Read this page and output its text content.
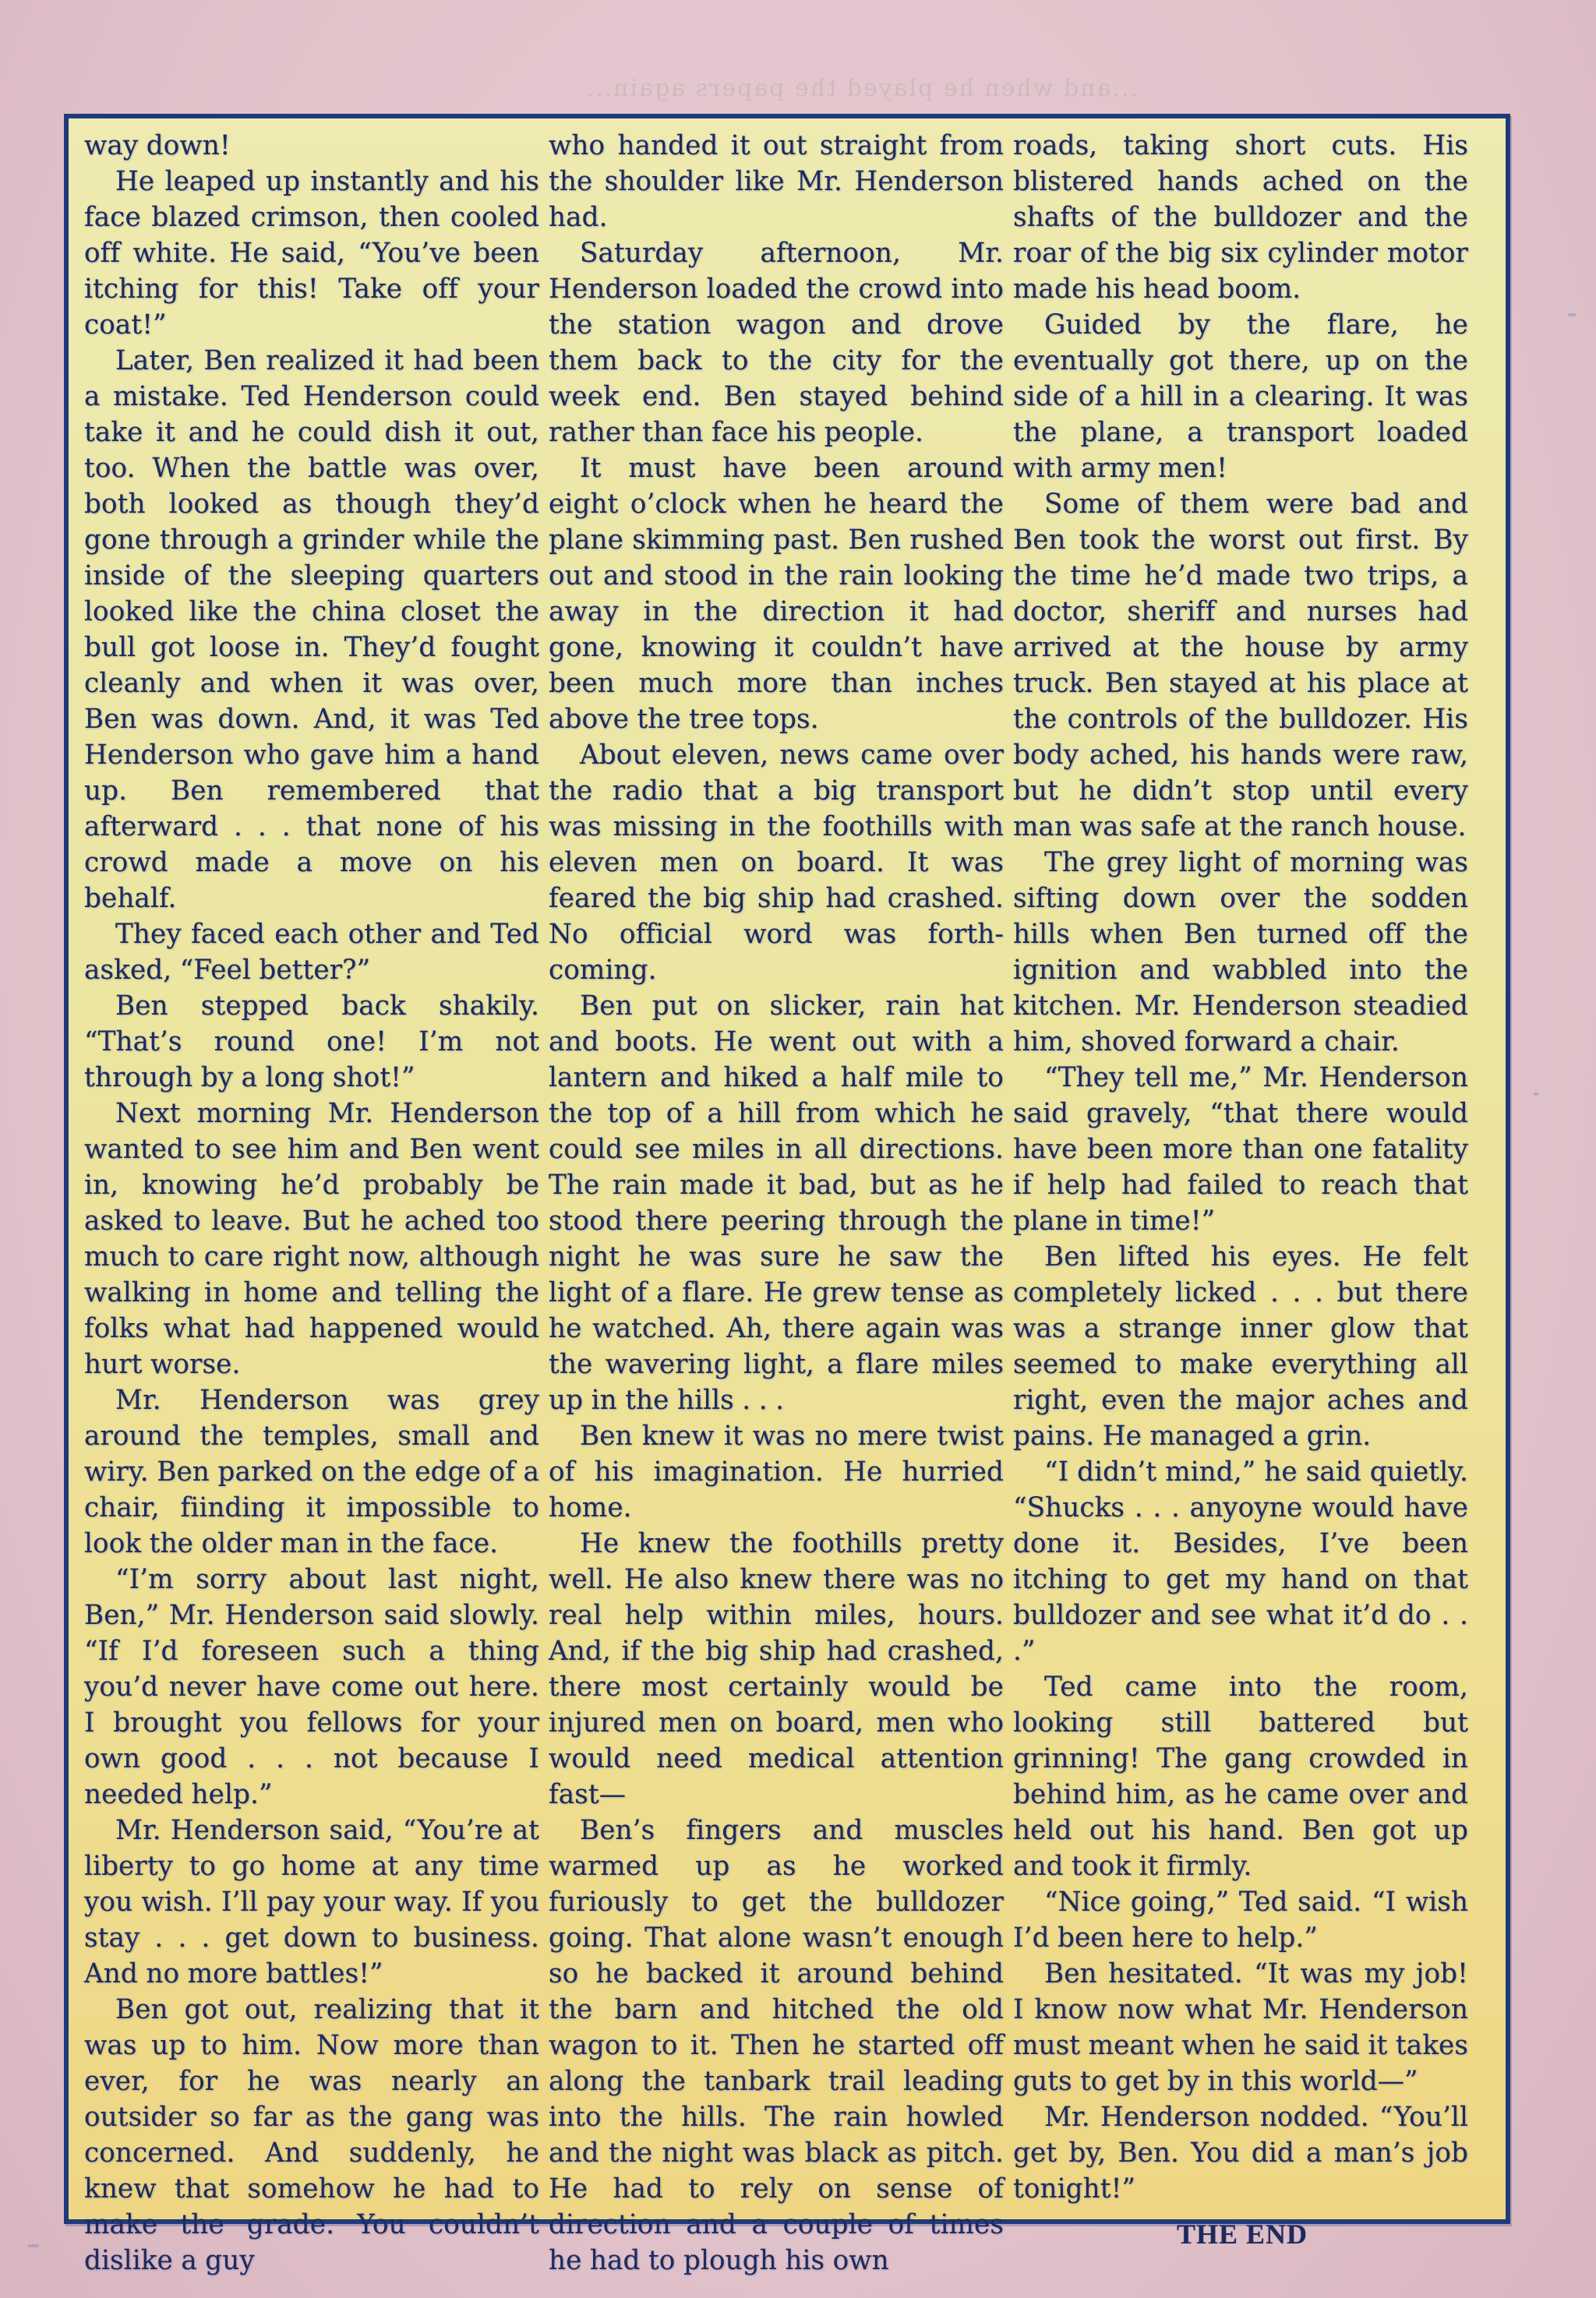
...and when he played the papers again...

way down!

He leaped up instantly and his face blazed crimson, then cooled off white. He said, “You’ve been itching for this! Take off your coat!”

Later, Ben realized it had been a mistake. Ted Henderson could take it and he could dish it out, too. When the battle was over, both looked as though they’d gone through a grinder while the inside of the sleeping quarters looked like the china closet the bull got loose in. They’d fought cleanly and when it was over, Ben was down. And, it was Ted Henderson who gave him a hand up. Ben remembered that afterward . . . that none of his crowd made a move on his behalf.

They faced each other and Ted asked, “Feel better?”

Ben stepped back shakily. “That’s round one! I’m not through by a long shot!”

Next morning Mr. Henderson wanted to see him and Ben went in, knowing he’d probably be asked to leave. But he ached too much to care right now, although walking in home and telling the folks what had happened would hurt worse.

Mr. Henderson was grey around the temples, small and wiry. Ben parked on the edge of a chair, fiinding it impossible to look the older man in the face.

“I’m sorry about last night, Ben,” Mr. Henderson said slowly. “If I’d foreseen such a thing you’d never have come out here. I brought you fellows for your own good . . . not because I needed help.”

Mr. Henderson said, “You’re at liberty to go home at any time you wish. I’ll pay your way. If you stay . . . get down to business. And no more battles!”

Ben got out, realizing that it was up to him. Now more than ever, for he was nearly an outsider so far as the gang was concerned. And suddenly, he knew that somehow he had to make the grade. You couldn’t dislike a guy

who handed it out straight from the shoulder like Mr. Henderson had.

Saturday afternoon, Mr. Henderson loaded the crowd into the station wagon and drove them back to the city for the week end. Ben stayed behind rather than face his people.

It must have been around eight o’clock when he heard the plane skimming past. Ben rushed out and stood in the rain looking away in the direction it had gone, knowing it couldn’t have been much more than inches above the tree tops.

About eleven, news came over the radio that a big transport was missing in the foothills with eleven men on board. It was feared the big ship had crashed. No official word was forth-coming.

Ben put on slicker, rain hat and boots. He went out with a lantern and hiked a half mile to the top of a hill from which he could see miles in all directions. The rain made it bad, but as he stood there peering through the night he was sure he saw the light of a flare. He grew tense as he watched. Ah, there again was the wavering light, a flare miles up in the hills . . .

Ben knew it was no mere twist of his imagination. He hurried home.

He knew the foothills pretty well. He also knew there was no real help within miles, hours. And, if the big ship had crashed, there most certainly would be injured men on board, men who would need medical attention fast—

Ben’s fingers and muscles warmed up as he worked furiously to get the bulldozer going. That alone wasn’t enough so he backed it around behind the barn and hitched the old wagon to it. Then he started off along the tanbark trail leading into the hills. The rain howled and the night was black as pitch. He had to rely on sense of direction and a couple of times he had to plough his own

roads, taking short cuts. His blistered hands ached on the shafts of the bulldozer and the roar of the big six cylinder motor made his head boom.

Guided by the flare, he eventually got there, up on the side of a hill in a clearing. It was the plane, a transport loaded with army men!

Some of them were bad and Ben took the worst out first. By the time he’d made two trips, a doctor, sheriff and nurses had arrived at the house by army truck. Ben stayed at his place at the controls of the bulldozer. His body ached, his hands were raw, but he didn’t stop until every man was safe at the ranch house.

The grey light of morning was sifting down over the sodden hills when Ben turned off the ignition and wabbled into the kitchen. Mr. Henderson steadied him, shoved forward a chair.

“They tell me,” Mr. Henderson said gravely, “that there would have been more than one fatality if help had failed to reach that plane in time!”

Ben lifted his eyes. He felt completely licked . . . but there was a strange inner glow that seemed to make everything all right, even the major aches and pains. He managed a grin.

“I didn’t mind,” he said quietly. “Shucks . . . anyoyne would have done it. Besides, I’ve been itching to get my hand on that bulldozer and see what it’d do . . .”

Ted came into the room, looking still battered but grinning! The gang crowded in behind him, as he came over and held out his hand. Ben got up and took it firmly.

“Nice going,” Ted said. “I wish I’d been here to help.”

Ben hesitated. “It was my job! I know now what Mr. Henderson must meant when he said it takes guts to get by in this world—”

Mr. Henderson nodded. “You’ll get by, Ben. You did a man’s job tonight!”

THE END
